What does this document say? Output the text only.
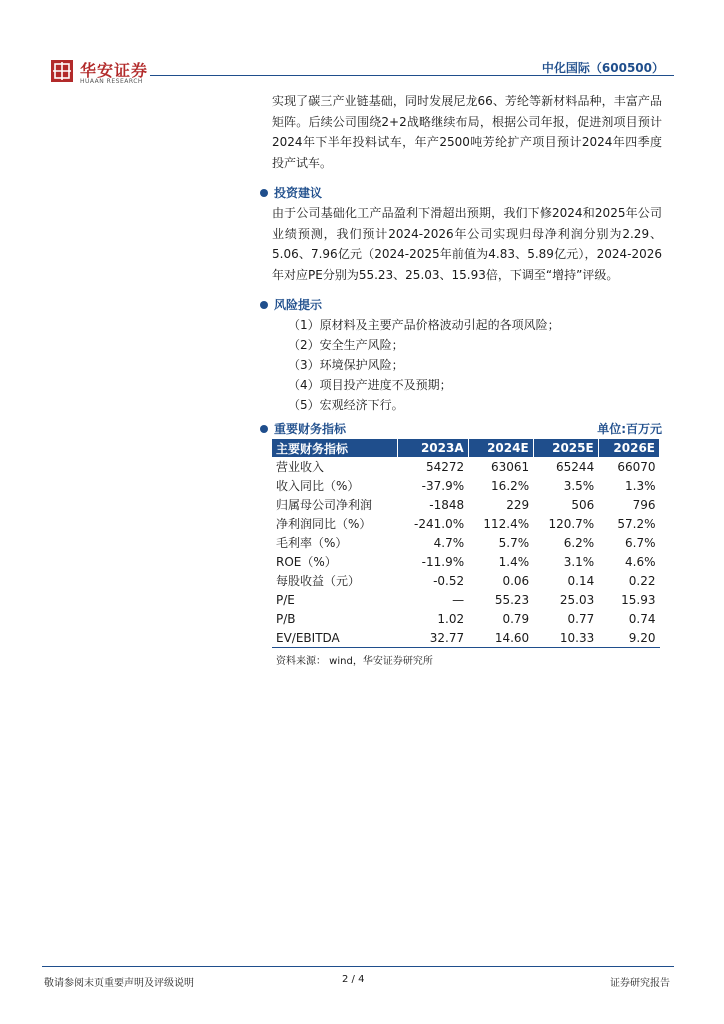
华安证券
HUAAN RESEARCH
中化国际（600500）

实现了碳三产业链基础，同时发展尼龙66、芳纶等新材料品种，丰富产品矩阵。后续公司围绕2+2战略继续布局，根据公司年报，促进剂项目预计2024年下半年投料试车，年产2500吨芳纶扩产项目预计2024年四季度投产试车。

投资建议

由于公司基础化工产品盈利下滑超出预期，我们下修2024和2025年公司业绩预测，我们预计2024-2026年公司实现归母净利润分别为2.29、5.06、7.96亿元（2024-2025年前值为4.83、5.89亿元），2024-2026年对应PE分别为55.23、25.03、15.93倍，下调至“增持”评级。

风险提示
（1）原材料及主要产品价格波动引起的各项风险；
（2）安全生产风险；
（3）环境保护风险；
（4）项目投产进度不及预期；
（5）宏观经济下行。
重要财务指标	单位:百万元
主要财务指标	2023A	2024E	2025E	2026E
营业收入	54272	63061	65244	66070
收入同比（%）	-37.9%	16.2%	3.5%	1.3%
归属母公司净利润	-1848	229	506	796
净利润同比（%）	-241.0%	112.4%	120.7%	57.2%
毛利率（%）	4.7%	5.7%	6.2%	6.7%
ROE（%）	-11.9%	1.4%	3.1%	4.6%
每股收益（元）	-0.52	0.06	0.14	0.22
P/E	—	55.23	25.03	15.93
P/B	1.02	0.79	0.77	0.74
EV/EBITDA	32.77	14.60	10.33	9.20
资料来源： wind，华安证券研究所
敬请参阅末页重要声明及评级说明	2 / 4	证券研究报告
